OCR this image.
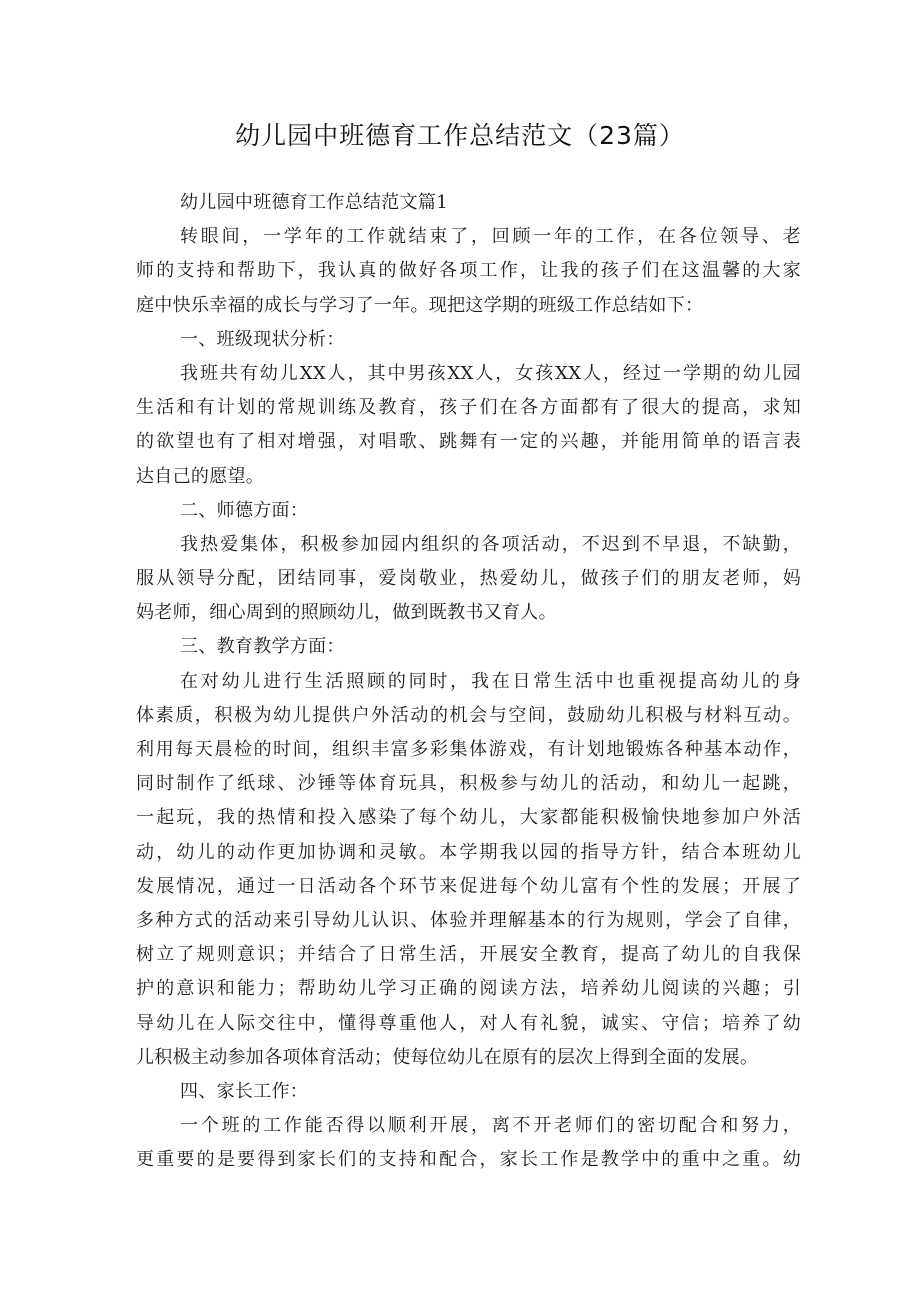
幼儿园中班德育工作总结范文（23篇）
幼儿园中班德育工作总结范文篇1
转眼间，一学年的工作就结束了，回顾一年的工作，在各位领导、老
师的支持和帮助下，我认真的做好各项工作，让我的孩子们在这温馨的大家
庭中快乐幸福的成长与学习了一年。现把这学期的班级工作总结如下：
一、班级现状分析：
我班共有幼儿XX人，其中男孩XX人，女孩XX人，经过一学期的幼儿园
生活和有计划的常规训练及教育，孩子们在各方面都有了很大的提高，求知
的欲望也有了相对增强，对唱歌、跳舞有一定的兴趣，并能用简单的语言表
达自己的愿望。
二、师德方面：
我热爱集体，积极参加园内组织的各项活动，不迟到不早退，不缺勤，
服从领导分配，团结同事，爱岗敬业，热爱幼儿，做孩子们的朋友老师，妈
妈老师，细心周到的照顾幼儿，做到既教书又育人。
三、教育教学方面：
在对幼儿进行生活照顾的同时，我在日常生活中也重视提高幼儿的身
体素质，积极为幼儿提供户外活动的机会与空间，鼓励幼儿积极与材料互动。
利用每天晨检的时间，组织丰富多彩集体游戏，有计划地锻炼各种基本动作，
同时制作了纸球、沙锤等体育玩具，积极参与幼儿的活动，和幼儿一起跳，
一起玩，我的热情和投入感染了每个幼儿，大家都能积极愉快地参加户外活
动，幼儿的动作更加协调和灵敏。本学期我以园的指导方针，结合本班幼儿
发展情况，通过一日活动各个环节来促进每个幼儿富有个性的发展；开展了
多种方式的活动来引导幼儿认识、体验并理解基本的行为规则，学会了自律，
树立了规则意识；并结合了日常生活，开展安全教育，提高了幼儿的自我保
护的意识和能力；帮助幼儿学习正确的阅读方法，培养幼儿阅读的兴趣；引
导幼儿在人际交往中，懂得尊重他人，对人有礼貌，诚实、守信；培养了幼
儿积极主动参加各项体育活动；使每位幼儿在原有的层次上得到全面的发展。
四、家长工作：
一个班的工作能否得以顺利开展，离不开老师们的密切配合和努力，
更重要的是要得到家长们的支持和配合，家长工作是教学中的重中之重。幼
